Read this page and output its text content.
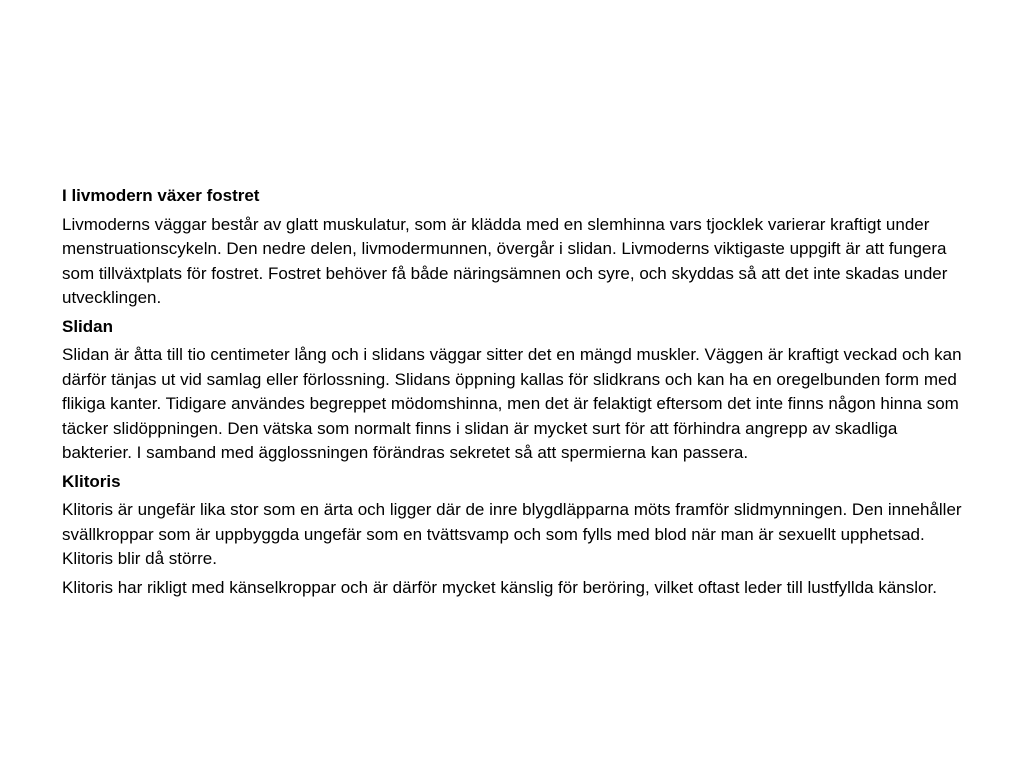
I livmodern växer fostret

Livmoderns väggar består av glatt muskulatur, som är klädda med en slemhinna vars tjocklek varierar kraftigt under menstruationscykeln. Den nedre delen, livmodermunnen, övergår i slidan. Livmoderns viktigaste uppgift är att fungera som tillväxtplats för fostret. Fostret behöver få både näringsämnen och syre, och skyddas så att det inte skadas under utvecklingen.

Slidan

Slidan är åtta till tio centimeter lång och i slidans väggar sitter det en mängd muskler. Väggen är kraftigt veckad och kan därför tänjas ut vid samlag eller förlossning. Slidans öppning kallas för slidkrans och kan ha en oregelbunden form med flikiga kanter. Tidigare användes begreppet mödomshinna, men det är felaktigt eftersom det inte finns någon hinna som täcker slidöppningen. Den vätska som normalt finns i slidan är mycket surt för att förhindra angrepp av skadliga bakterier. I samband med ägglossningen förändras sekretet så att spermierna kan passera.

Klitoris

Klitoris är ungefär lika stor som en ärta och ligger där de inre blygdläpparna möts framför slidmynningen. Den innehåller svällkroppar som är uppbyggda ungefär som en tvättsvamp och som fylls med blod när man är sexuellt upphetsad. Klitoris blir då större.

Klitoris har rikligt med känselkroppar och är därför mycket känslig för beröring, vilket oftast leder till lustfyllda känslor.
